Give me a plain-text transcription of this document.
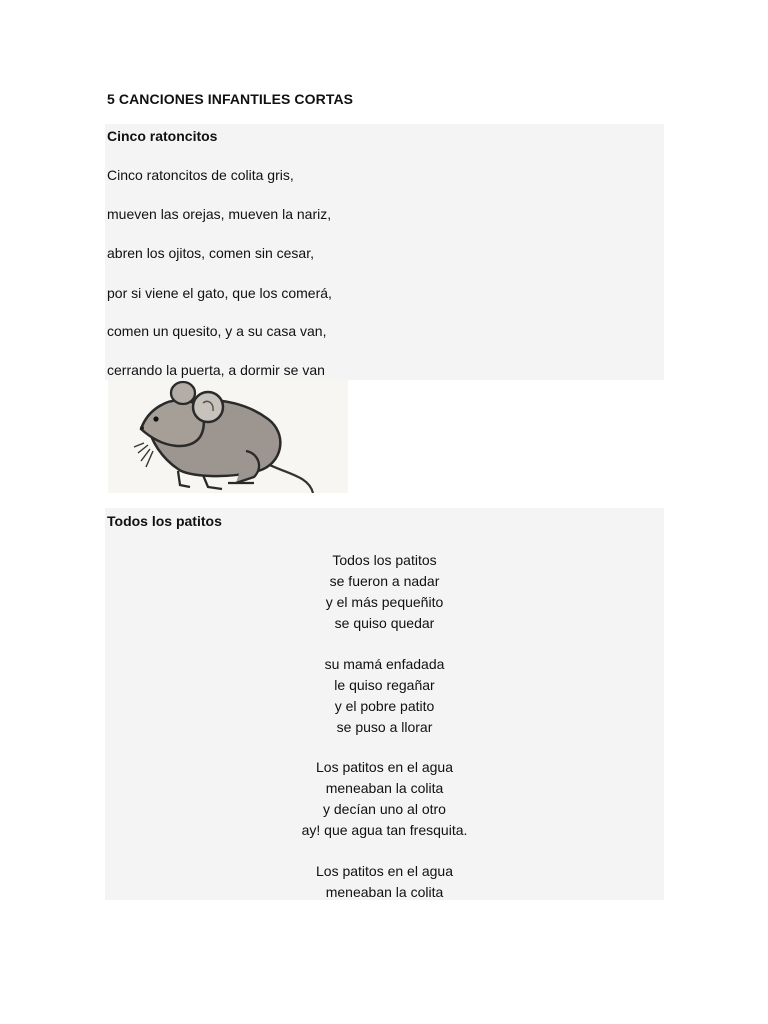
5 CANCIONES INFANTILES CORTAS
Cinco ratoncitos
Cinco ratoncitos de colita gris,
mueven las orejas, mueven la nariz,
abren los ojitos, comen sin cesar,
por si viene el gato, que los comerá,
comen un quesito, y a su casa van,
cerrando la puerta, a dormir se van
Todos los patitos
Todos los patitos
se fueron a nadar
y el más pequeñito
se quiso quedar
su mamá enfadada
le quiso regañar
y el pobre patito
se puso a llorar
Los patitos en el agua
meneaban la colita
y decían uno al otro
ay! que agua tan fresquita.
Los patitos en el agua
meneaban la colita
